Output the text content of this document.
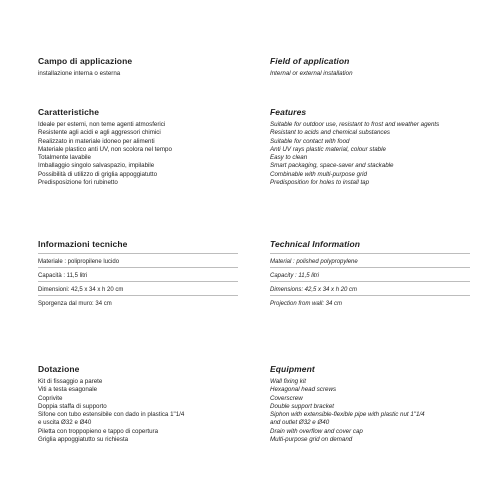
Campo di applicazione
installazione interna o esterna
Caratteristiche
Ideale per esterni, non teme agenti atmosferici
Resistente agli acidi e agli aggressori chimici
Realizzato in materiale idoneo per alimenti
Materiale plastico anti UV, non scolora nel tempo
Totalmente lavabile
Imballaggio singolo salvaspazio, impilabile
Possibilità di utilizzo di griglia appoggiatutto
Predisposizione fori rubinetto
Informazioni tecniche
Materiale : polipropilene lucido
Capacità : 11,5 litri
Dimensioni: 42,5 x 34 x h 20 cm
Sporgenza dal muro: 34 cm
Dotazione
Kit di fissaggio a parete
Viti a testa esagonale
Coprivite
Doppia staffa di supporto
Sifone con tubo estensibile con dado in plastica 1"1/4
e uscita Ø32 e Ø40
Piletta con troppopieno e tappo di copertura
Griglia appoggiatutto su richiesta
Field of application
Internal or external installation
Features
Suitable for outdoor use, resistant to frost and weather agents
Resistant to acids and chemical substances
Suitable for contact with food
Anti UV rays plastic material, colour stable
Easy to clean
Smart packaging, space-saver and stackable
Combinable with multi-purpose grid
Predisposition for holes to install tap
Technical Information
Material : polished polypropylene
Capacity : 11,5 litri
Dimensions: 42,5 x 34 x h 20 cm
Projection from wall: 34 cm
Equipment
Wall fixing kit
Hexagonal head screws
Coverscrew
Double support bracket
Siphon with extensible-flexible pipe with plastic nut 1"1/4
and outlet Ø32 e Ø40
Drain with overflow and cover cap
Multi-purpose grid on demand
